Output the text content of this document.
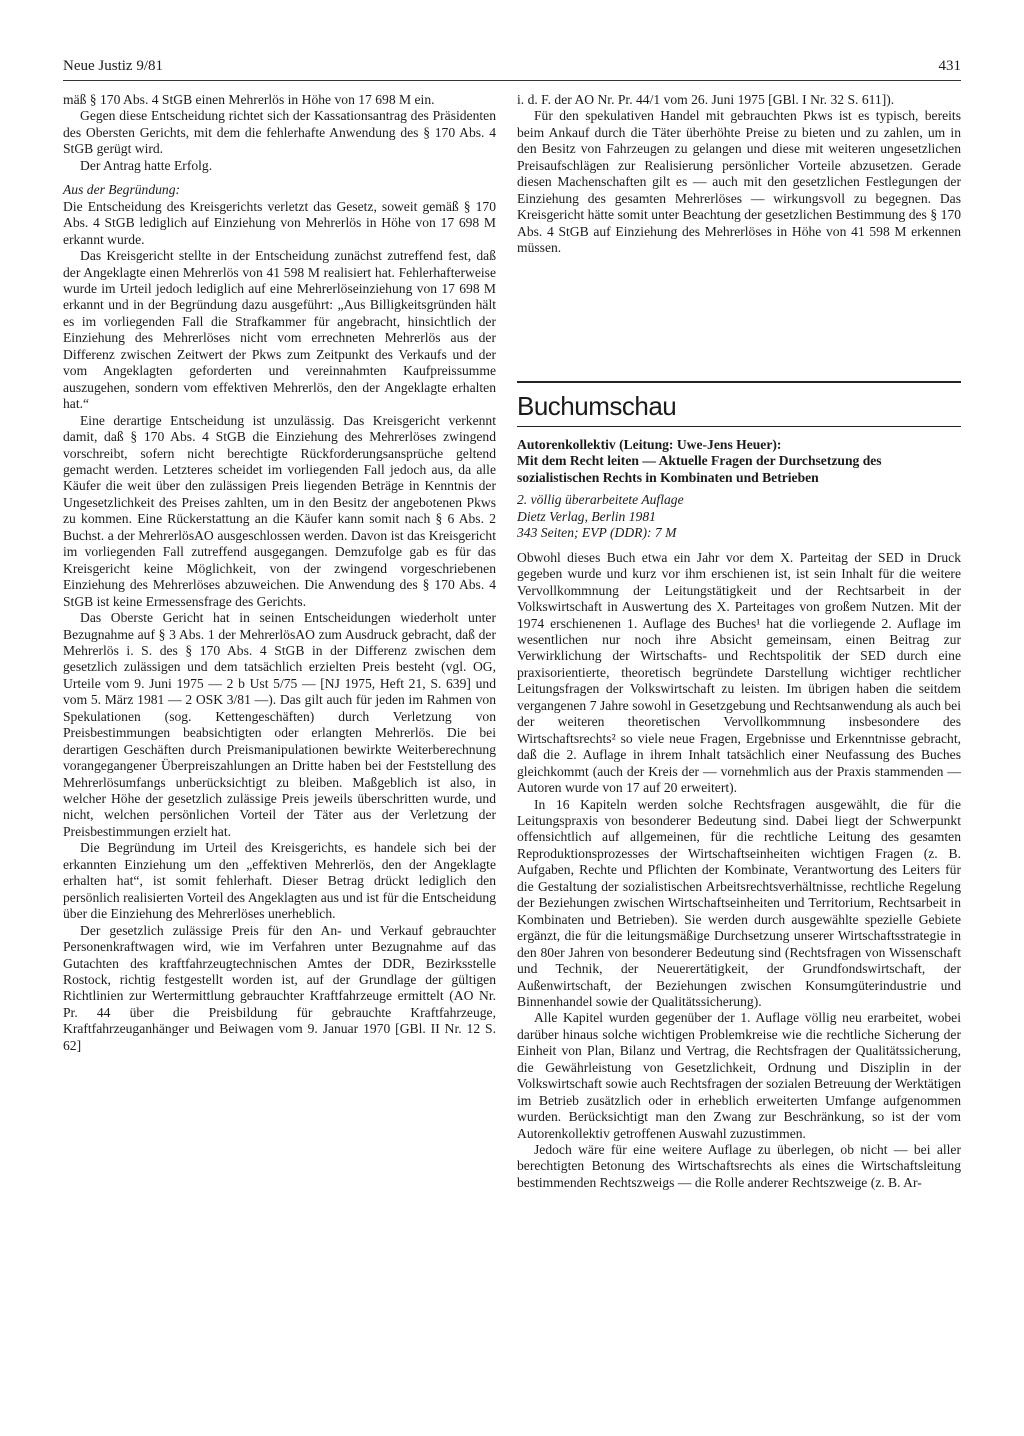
Neue Justiz 9/81	431

mäß § 170 Abs. 4 StGB einen Mehrerlös in Höhe von 17 698 M ein.

Gegen diese Entscheidung richtet sich der Kassationsantrag des Präsidenten des Obersten Gerichts, mit dem die fehlerhafte Anwendung des § 170 Abs. 4 StGB gerügt wird.

Der Antrag hatte Erfolg.

Aus der Begründung:

Die Entscheidung des Kreisgerichts verletzt das Gesetz, soweit gemäß § 170 Abs. 4 StGB lediglich auf Einziehung von Mehrerlös in Höhe von 17 698 M erkannt wurde.

Das Kreisgericht stellte in der Entscheidung zunächst zutreffend fest, daß der Angeklagte einen Mehrerlös von 41 598 M realisiert hat. Fehlerhafterweise wurde im Urteil jedoch lediglich auf eine Mehrerlöseinziehung von 17 698 M erkannt und in der Begründung dazu ausgeführt: „Aus Billigkeitsgründen hält es im vorliegenden Fall die Strafkammer für angebracht, hinsichtlich der Einziehung des Mehrerlöses nicht vom errechneten Mehrerlös aus der Differenz zwischen Zeitwert der Pkws zum Zeitpunkt des Verkaufs und der vom Angeklagten geforderten und vereinnahmten Kaufpreissumme auszugehen, sondern vom effektiven Mehrerlös, den der Angeklagte erhalten hat.“

Eine derartige Entscheidung ist unzulässig. Das Kreisgericht verkennt damit, daß § 170 Abs. 4 StGB die Einziehung des Mehrerlöses zwingend vorschreibt, sofern nicht berechtigte Rückforderungsansprüche geltend gemacht werden. Letzteres scheidet im vorliegenden Fall jedoch aus, da alle Käufer die weit über den zulässigen Preis liegenden Beträge in Kenntnis der Ungesetzlichkeit des Preises zahlten, um in den Besitz der angebotenen Pkws zu kommen. Eine Rückerstattung an die Käufer kann somit nach § 6 Abs. 2 Buchst. a der MehrerlösAO ausgeschlossen werden. Davon ist das Kreisgericht im vorliegenden Fall zutreffend ausgegangen. Demzufolge gab es für das Kreisgericht keine Möglichkeit, von der zwingend vorgeschriebenen Einziehung des Mehrerlöses abzuweichen. Die Anwendung des § 170 Abs. 4 StGB ist keine Ermessensfrage des Gerichts.

Das Oberste Gericht hat in seinen Entscheidungen wiederholt unter Bezugnahme auf § 3 Abs. 1 der MehrerlösAO zum Ausdruck gebracht, daß der Mehrerlös i. S. des § 170 Abs. 4 StGB in der Differenz zwischen dem gesetzlich zulässigen und dem tatsächlich erzielten Preis besteht (vgl. OG, Urteile vom 9. Juni 1975 — 2 b Ust 5/75 — [NJ 1975, Heft 21, S. 639] und vom 5. März 1981 — 2 OSK 3/81 —). Das gilt auch für jeden im Rahmen von Spekulationen (sog. Kettengeschäften) durch Verletzung von Preisbestimmungen beabsichtigten oder erlangten Mehrerlös. Die bei derartigen Geschäften durch Preismanipulationen bewirkte Weiterberechnung vorangegangener Überpreiszahlungen an Dritte haben bei der Feststellung des Mehrerlösumfangs unberücksichtigt zu bleiben. Maßgeblich ist also, in welcher Höhe der gesetzlich zulässige Preis jeweils überschritten wurde, und nicht, welchen persönlichen Vorteil der Täter aus der Verletzung der Preisbestimmungen erzielt hat.

Die Begründung im Urteil des Kreisgerichts, es handele sich bei der erkannten Einziehung um den „effektiven Mehrerlös, den der Angeklagte erhalten hat“, ist somit fehlerhaft. Dieser Betrag drückt lediglich den persönlich realisierten Vorteil des Angeklagten aus und ist für die Entscheidung über die Einziehung des Mehrerlöses unerheblich.

Der gesetzlich zulässige Preis für den An- und Verkauf gebrauchter Personenkraftwagen wird, wie im Verfahren unter Bezugnahme auf das Gutachten des kraftfahrzeugtechnischen Amtes der DDR, Bezirksstelle Rostock, richtig festgestellt worden ist, auf der Grundlage der gültigen Richtlinien zur Wertermittlung gebrauchter Kraftfahrzeuge ermittelt (AO Nr. Pr. 44 über die Preisbildung für gebrauchte Kraftfahrzeuge, Kraftfahrzeuganhänger und Beiwagen vom 9. Januar 1970 [GBl. II Nr. 12 S. 62]

i. d. F. der AO Nr. Pr. 44/1 vom 26. Juni 1975 [GBl. I Nr. 32 S. 611]).

Für den spekulativen Handel mit gebrauchten Pkws ist es typisch, bereits beim Ankauf durch die Täter überhöhte Preise zu bieten und zu zahlen, um in den Besitz von Fahrzeugen zu gelangen und diese mit weiteren ungesetzlichen Preisaufschlägen zur Realisierung persönlicher Vorteile abzusetzen. Gerade diesen Machenschaften gilt es — auch mit den gesetzlichen Festlegungen der Einziehung des gesamten Mehrerlöses — wirkungsvoll zu begegnen. Das Kreisgericht hätte somit unter Beachtung der gesetzlichen Bestimmung des § 170 Abs. 4 StGB auf Einziehung des Mehrerlöses in Höhe von 41 598 M erkennen müssen.

Buchumschau

Autorenkollektiv (Leitung: Uwe-Jens Heuer):

Mit dem Recht leiten — Aktuelle Fragen der Durchsetzung des sozialistischen Rechts in Kombinaten und Betrieben

2. völlig überarbeitete Auflage

Dietz Verlag, Berlin 1981

343 Seiten; EVP (DDR): 7 M

Obwohl dieses Buch etwa ein Jahr vor dem X. Parteitag der SED in Druck gegeben wurde und kurz vor ihm erschienen ist, ist sein Inhalt für die weitere Vervollkommnung der Leitungstätigkeit und der Rechtsarbeit in der Volkswirtschaft in Auswertung des X. Parteitages von großem Nutzen. Mit der 1974 erschienenen 1. Auflage des Buches¹ hat die vorliegende 2. Auflage im wesentlichen nur noch ihre Absicht gemeinsam, einen Beitrag zur Verwirklichung der Wirtschafts- und Rechtspolitik der SED durch eine praxisorientierte, theoretisch begründete Darstellung wichtiger rechtlicher Leitungsfragen der Volkswirtschaft zu leisten. Im übrigen haben die seitdem vergangenen 7 Jahre sowohl in Gesetzgebung und Rechtsanwendung als auch bei der weiteren theoretischen Vervollkommnung insbesondere des Wirtschaftsrechts² so viele neue Fragen, Ergebnisse und Erkenntnisse gebracht, daß die 2. Auflage in ihrem Inhalt tatsächlich einer Neufassung des Buches gleichkommt (auch der Kreis der — vornehmlich aus der Praxis stammenden — Autoren wurde von 17 auf 20 erweitert).

In 16 Kapiteln werden solche Rechtsfragen ausgewählt, die für die Leitungspraxis von besonderer Bedeutung sind. Dabei liegt der Schwerpunkt offensichtlich auf allgemeinen, für die rechtliche Leitung des gesamten Reproduktionsprozesses der Wirtschaftseinheiten wichtigen Fragen (z. B. Aufgaben, Rechte und Pflichten der Kombinate, Verantwortung des Leiters für die Gestaltung der sozialistischen Arbeitsrechtsverhältnisse, rechtliche Regelung der Beziehungen zwischen Wirtschaftseinheiten und Territorium, Rechtsarbeit in Kombinaten und Betrieben). Sie werden durch ausgewählte spezielle Gebiete ergänzt, die für die leitungsmäßige Durchsetzung unserer Wirtschaftsstrategie in den 80er Jahren von besonderer Bedeutung sind (Rechtsfragen von Wissenschaft und Technik, der Neuerertätigkeit, der Grundfondswirtschaft, der Außenwirtschaft, der Beziehungen zwischen Konsumgüterindustrie und Binnenhandel sowie der Qualitätssicherung).

Alle Kapitel wurden gegenüber der 1. Auflage völlig neu erarbeitet, wobei darüber hinaus solche wichtigen Problemkreise wie die rechtliche Sicherung der Einheit von Plan, Bilanz und Vertrag, die Rechtsfragen der Qualitätssicherung, die Gewährleistung von Gesetzlichkeit, Ordnung und Disziplin in der Volkswirtschaft sowie auch Rechtsfragen der sozialen Betreuung der Werktätigen im Betrieb zusätzlich oder in erheblich erweiterten Umfange aufgenommen wurden. Berücksichtigt man den Zwang zur Beschränkung, so ist der vom Autorenkollektiv getroffenen Auswahl zuzustimmen.

Jedoch wäre für eine weitere Auflage zu überlegen, ob nicht — bei aller berechtigten Betonung des Wirtschaftsrechts als eines die Wirtschaftsleitung bestimmenden Rechtszweigs — die Rolle anderer Rechtszweige (z. B. Ar-
